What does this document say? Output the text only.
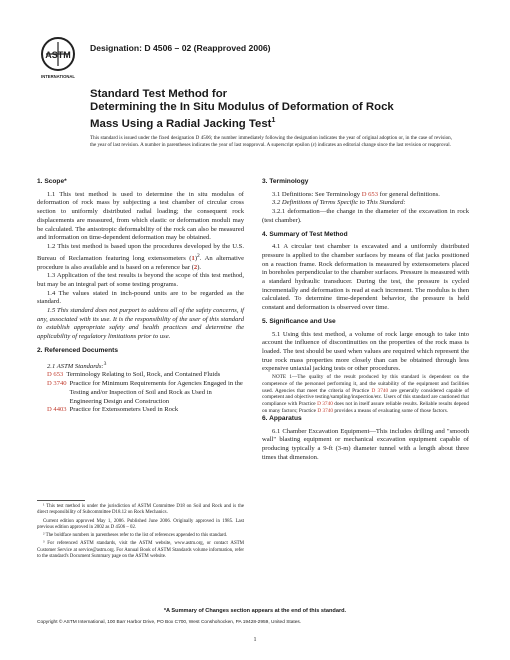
ASTM
INTERNATIONAL
Designation: D 4506 – 02 (Reapproved 2006)
Standard Test Method for
Determining the In Situ Modulus of Deformation of Rock
Mass Using a Radial Jacking Test$^1$
This standard is issued under the fixed designation D 4506; the number immediately following the designation indicates the year of original adoption or, in the case of revision, the year of last revision. A number in parentheses indicates the year of last reapproval. A superscript epsilon (ε) indicates an editorial change since the last revision or reapproval.
1. Scope*

1.1 This test method is used to determine the in situ modulus of deformation of rock mass by subjecting a test chamber of circular cross section to uniformly distributed radial loading; the consequent rock displacements are measured, from which elastic or deformation moduli may be calculated. The anisotropic deformability of the rock can also be measured and information on time-dependent deformation may be obtained.

1.2 This test method is based upon the procedures developed by the U.S. Bureau of Reclamation featuring long extensometers $(1)^2$. An alternative procedure is also available and is based on a reference bar (2).

1.3 Application of the test results is beyond the scope of this test method, but may be an integral part of some testing programs.

1.4 The values stated in inch-pound units are to be regarded as the standard.

1.5 This standard does not purport to address all of the safety concerns, if any, associated with its use. It is the responsibility of the user of this standard to establish appropriate safety and health practices and determine the applicability of regulatory limitations prior to use.

2. Referenced Documents

2.1 ASTM Standards:$^3$

D 653 Terminology Relating to Soil, Rock, and Contained Fluids
D 3740 Practice for Minimum Requirements for Agencies Engaged in the Testing and/or Inspection of Soil and Rock as Used in Engineering Design and Construction
D 4403 Practice for Extensometers Used in Rock

¹ This test method is under the jurisdiction of ASTM Committee D18 on Soil and Rock and is the direct responsibility of Subcommittee D18.12 on Rock Mechanics.

Current edition approved May 1, 2006. Published June 2006. Originally approved in 1985. Last previous edition approved in 2002 as D 4506 – 02.

² The boldface numbers in parentheses refer to the list of references appended to this standard.

³ For referenced ASTM standards, visit the ASTM website, www.astm.org, or contact ASTM Customer Service at service@astm.org. For Annual Book of ASTM Standards volume information, refer to the standard's Document Summary page on the ASTM website.

3. Terminology

3.1 Definitions: See Terminology D 653 for general definitions.

3.2 Definitions of Terms Specific to This Standard:

3.2.1 deformation—the change in the diameter of the excavation in rock (test chamber).

4. Summary of Test Method

4.1 A circular test chamber is excavated and a uniformly distributed pressure is applied to the chamber surfaces by means of flat jacks positioned on a reaction frame. Rock deformation is measured by extensometers placed in boreholes perpendicular to the chamber surfaces. Pressure is measured with a standard hydraulic transducer. During the test, the pressure is cycled incrementally and deformation is read at each increment. The modulus is then calculated. To determine time-dependent behavior, the pressure is held constant and deformation is observed over time.

5. Significance and Use

5.1 Using this test method, a volume of rock large enough to take into account the influence of discontinuities on the properties of the rock mass is loaded. The test should be used when values are required which represent the true rock mass properties more closely than can be obtained through less expensive uniaxial jacking tests or other procedures.

NOTE 1—The quality of the result produced by this standard is dependent on the competence of the personnel performing it, and the suitability of the equipment and facilities used. Agencies that meet the criteria of Practice D 3740 are generally considered capable of competent and objective testing/sampling/inspection/etc. Users of this standard are cautioned that compliance with Practice D 3740 does not in itself assure reliable results. Reliable results depend on many factors; Practice D 3740 provides a means of evaluating some of those factors.

6. Apparatus

6.1 Chamber Excavation Equipment—This includes drilling and "smooth wall" blasting equipment or mechanical excavation equipment capable of producing typically a 9-ft (3-m) diameter tunnel with a length about three times that dimension.

*A Summary of Changes section appears at the end of this standard.
Copyright © ASTM International, 100 Barr Harbor Drive, PO Box C700, West Conshohocken, PA 19428-2959, United States.
1
